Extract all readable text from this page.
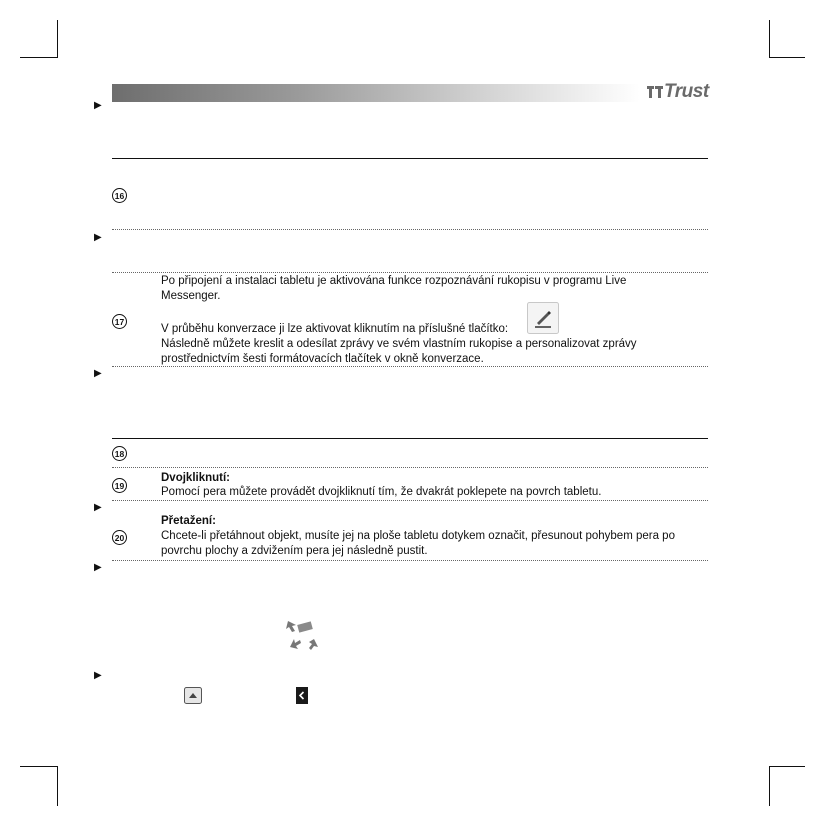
Trust
▶
▶
▶
▶
▶
▶
16
Po připojení a instalaci tabletu je aktivována funkce rozpoznávání rukopisu v programu Live Messenger.
17
V průběhu konverzace ji lze aktivovat kliknutím na příslušné tlačítko:
Následně můžete kreslit a odesílat zprávy ve svém vlastním rukopise a personalizovat zprávy prostřednictvím šesti formátovacích tlačítek v okně konverzace.
18
Dvojkliknutí:
19	Pomocí pera můžete provádět dvojkliknutí tím, že dvakrát poklepete na povrch tabletu.
Přetažení:
20	Chcete-li přetáhnout objekt, musíte jej na ploše tabletu dotykem označit, přesunout pohybem pera po povrchu plochy a zdvižením pera jej následně pustit.
